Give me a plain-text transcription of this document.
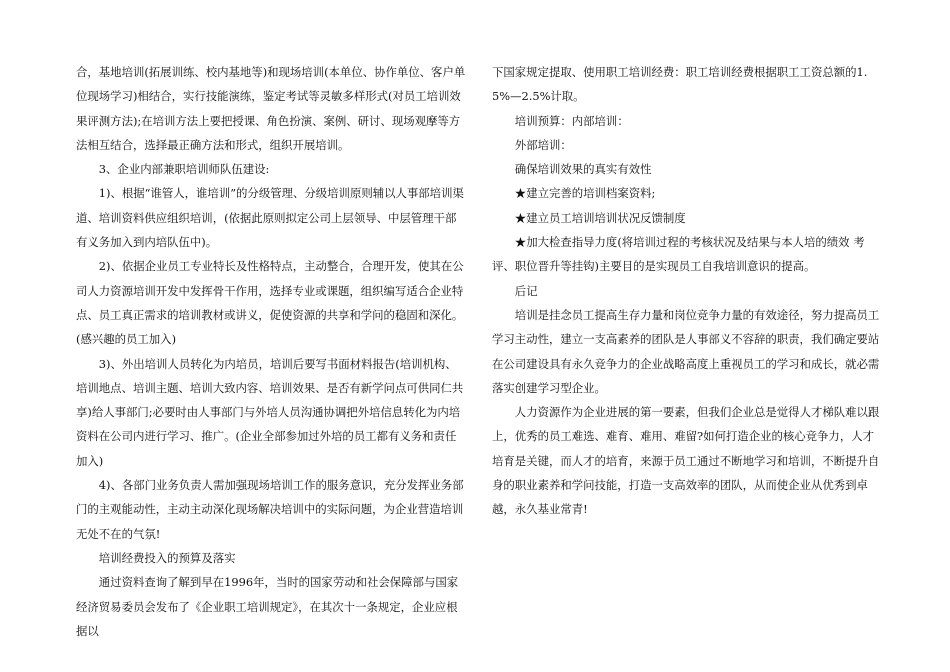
合，基地培训(拓展训练、校内基地等)和现场培训(本单位、协作单位、客户单位现场学习)相结合，实行技能演练，鉴定考试等灵敏多样形式(对员工培训效果评测方法);在培训方法上要把授课、角色扮演、案例、研讨、现场观摩等方法相互结合，选择最正确方法和形式，组织开展培训。

3、企业内部兼职培训师队伍建设:

1)、根据“谁管人，谁培训”的分级管理、分级培训原则辅以人事部培训渠道、培训资料供应组织培训，(依据此原则拟定公司上层领导、中层管理干部有义务加入到内培队伍中)。

2)、依据企业员工专业特长及性格特点，主动整合，合理开发，使其在公司人力资源培训开发中发挥骨干作用，选择专业或课题，组织编写适合企业特点、员工真正需求的培训教材或讲义，促使资源的共享和学问的稳固和深化。(感兴趣的员工加入)

3)、外出培训人员转化为内培员，培训后要写书面材料报告(培训机构、培训地点、培训主题、培训大致内容、培训效果、是否有新学问点可供同仁共享)给人事部门;必要时由人事部门与外培人员沟通协调把外培信息转化为内培资料在公司内进行学习、推广。(企业全部参加过外培的员工都有义务和责任加入)

4)、各部门业务负责人需加强现场培训工作的服务意识，充分发挥业务部门的主观能动性，主动主动深化现场解决培训中的实际问题，为企业营造培训无处不在的气氛!

培训经费投入的预算及落实

通过资料查询了解到早在1996年，当时的国家劳动和社会保障部与国家经济贸易委员会发布了《企业职工培训规定》，在其次十一条规定，企业应根据以

下国家规定提取、使用职工培训经费：职工培训经费根据职工工资总额的1.5%—2.5%计取。

培训预算：内部培训：

外部培训：

确保培训效果的真实有效性

★建立完善的培训档案资料;

★建立员工培训培训状况反馈制度

★加大检查指导力度(将培训过程的考核状况及结果与本人培的绩效 考评、职位晋升等挂钩)主要目的是实现员工自我培训意识的提高。

后记

培训是挂念员工提高生存力量和岗位竞争力量的有效途径，努力提高员工学习主动性，建立一支高素养的团队是人事部义不容辞的职责，我们确定要站在公司建设具有永久竞争力的企业战略高度上重视员工的学习和成长，就必需落实创建学习型企业。

人力资源作为企业进展的第一要素，但我们企业总是觉得人才梯队难以跟上，优秀的员工难选、难育、难用、难留?如何打造企业的核心竞争力，人才培育是关键，而人才的培育，来源于员工通过不断地学习和培训，不断提升自身的职业素养和学问技能，打造一支高效率的团队，从而使企业从优秀到卓越，永久基业常青!
